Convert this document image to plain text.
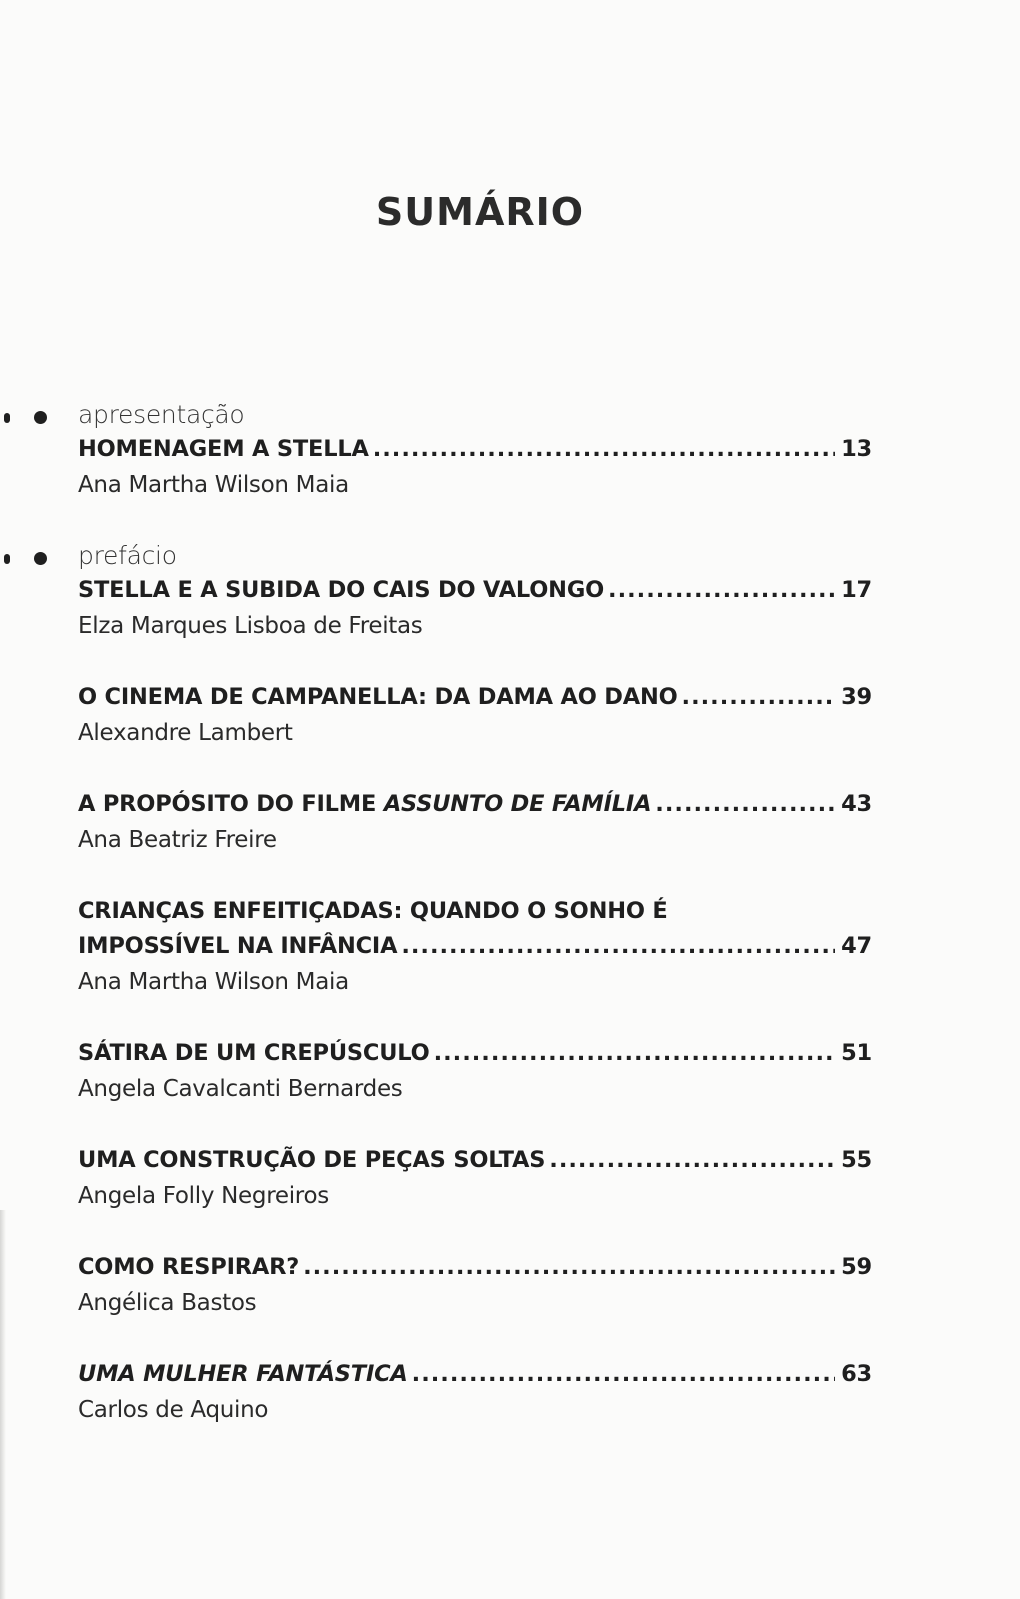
SUMÁRIO
apresentação
HOMENAGEM A STELLA .....	13
Ana Martha Wilson Maia
prefácio
STELLA E A SUBIDA DO CAIS DO VALONGO .....	17
Elza Marques Lisboa de Freitas
O CINEMA DE CAMPANELLA: DA DAMA AO DANO .....	39
Alexandre Lambert
A PROPÓSITO DO FILME ASSUNTO DE FAMÍLIA .....	43
Ana Beatriz Freire
CRIANÇAS ENFEITIÇADAS: QUANDO O SONHO É
IMPOSSÍVEL NA INFÂNCIA .....	47
Ana Martha Wilson Maia
SÁTIRA DE UM CREPÚSCULO .....	51
Angela Cavalcanti Bernardes
UMA CONSTRUÇÃO DE PEÇAS SOLTAS .....	55
Angela Folly Negreiros
COMO RESPIRAR? .....	59
Angélica Bastos
UMA MULHER FANTÁSTICA .....	63
Carlos de Aquino
